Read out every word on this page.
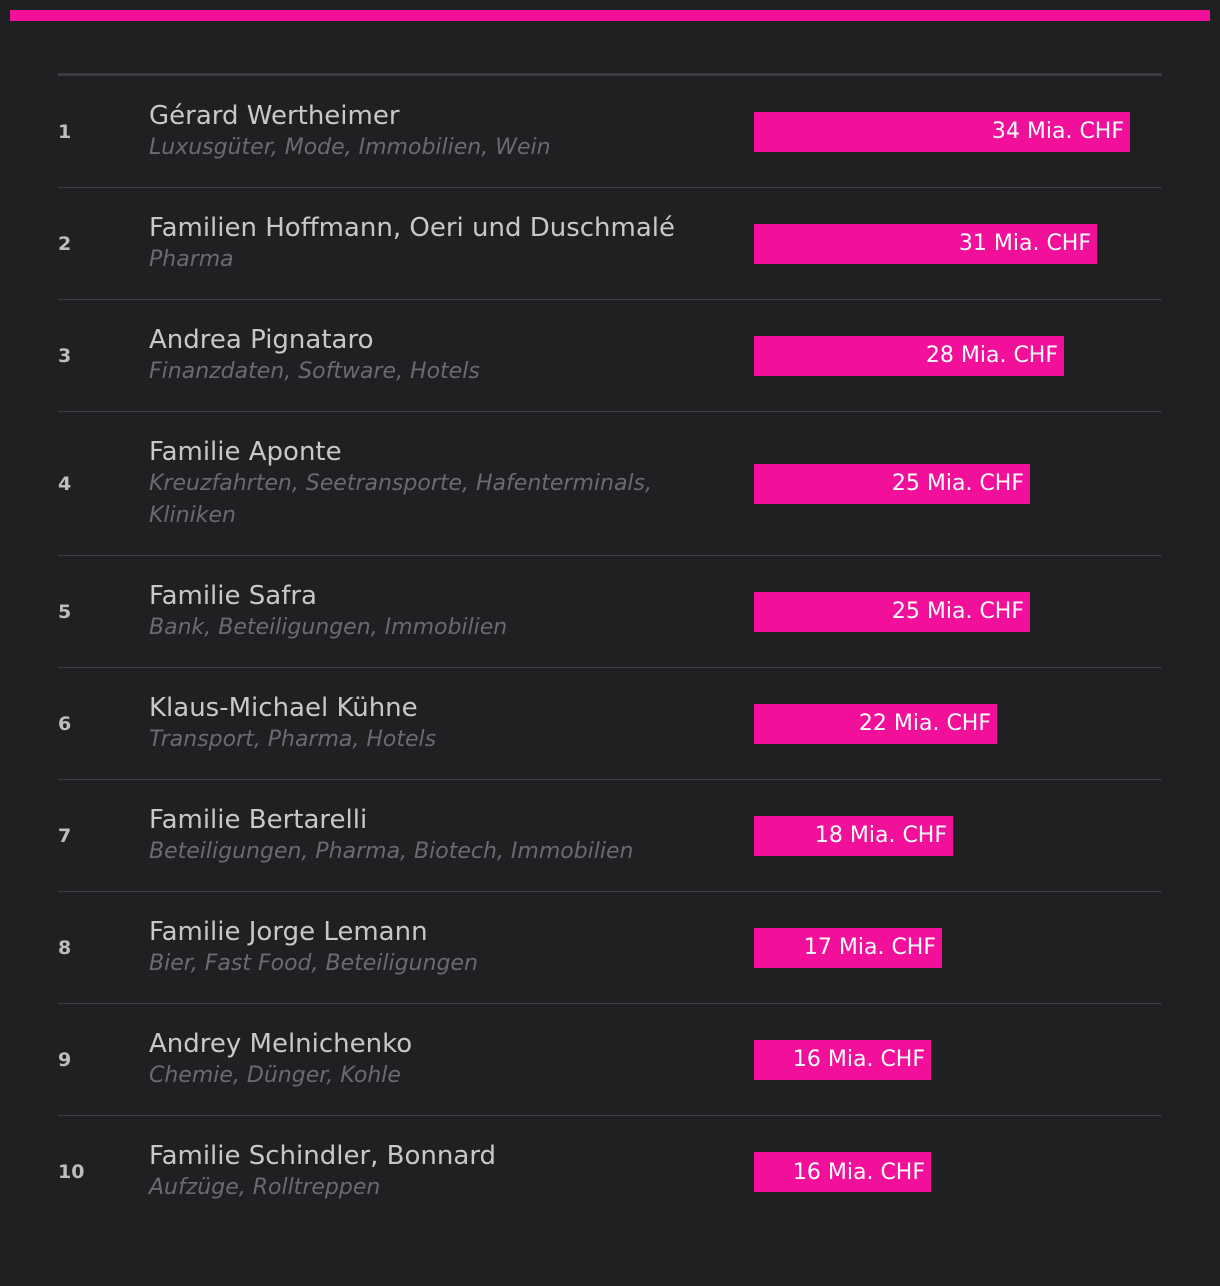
1
Gérard Wertheimer
Luxusgüter, Mode, Immobilien, Wein
34 Mia. CHF
2
Familien Hoffmann, Oeri und Duschmalé
Pharma
31 Mia. CHF
3
Andrea Pignataro
Finanzdaten, Software, Hotels
28 Mia. CHF
4
Familie Aponte
Kreuzfahrten, Seetransporte, Hafenterminals, Kliniken
25 Mia. CHF
5
Familie Safra
Bank, Beteiligungen, Immobilien
25 Mia. CHF
6
Klaus-Michael Kühne
Transport, Pharma, Hotels
22 Mia. CHF
7
Familie Bertarelli
Beteiligungen, Pharma, Biotech, Immobilien
18 Mia. CHF
8
Familie Jorge Lemann
Bier, Fast Food, Beteiligungen
17 Mia. CHF
9
Andrey Melnichenko
Chemie, Dünger, Kohle
16 Mia. CHF
10
Familie Schindler, Bonnard
Aufzüge, Rolltreppen
16 Mia. CHF
